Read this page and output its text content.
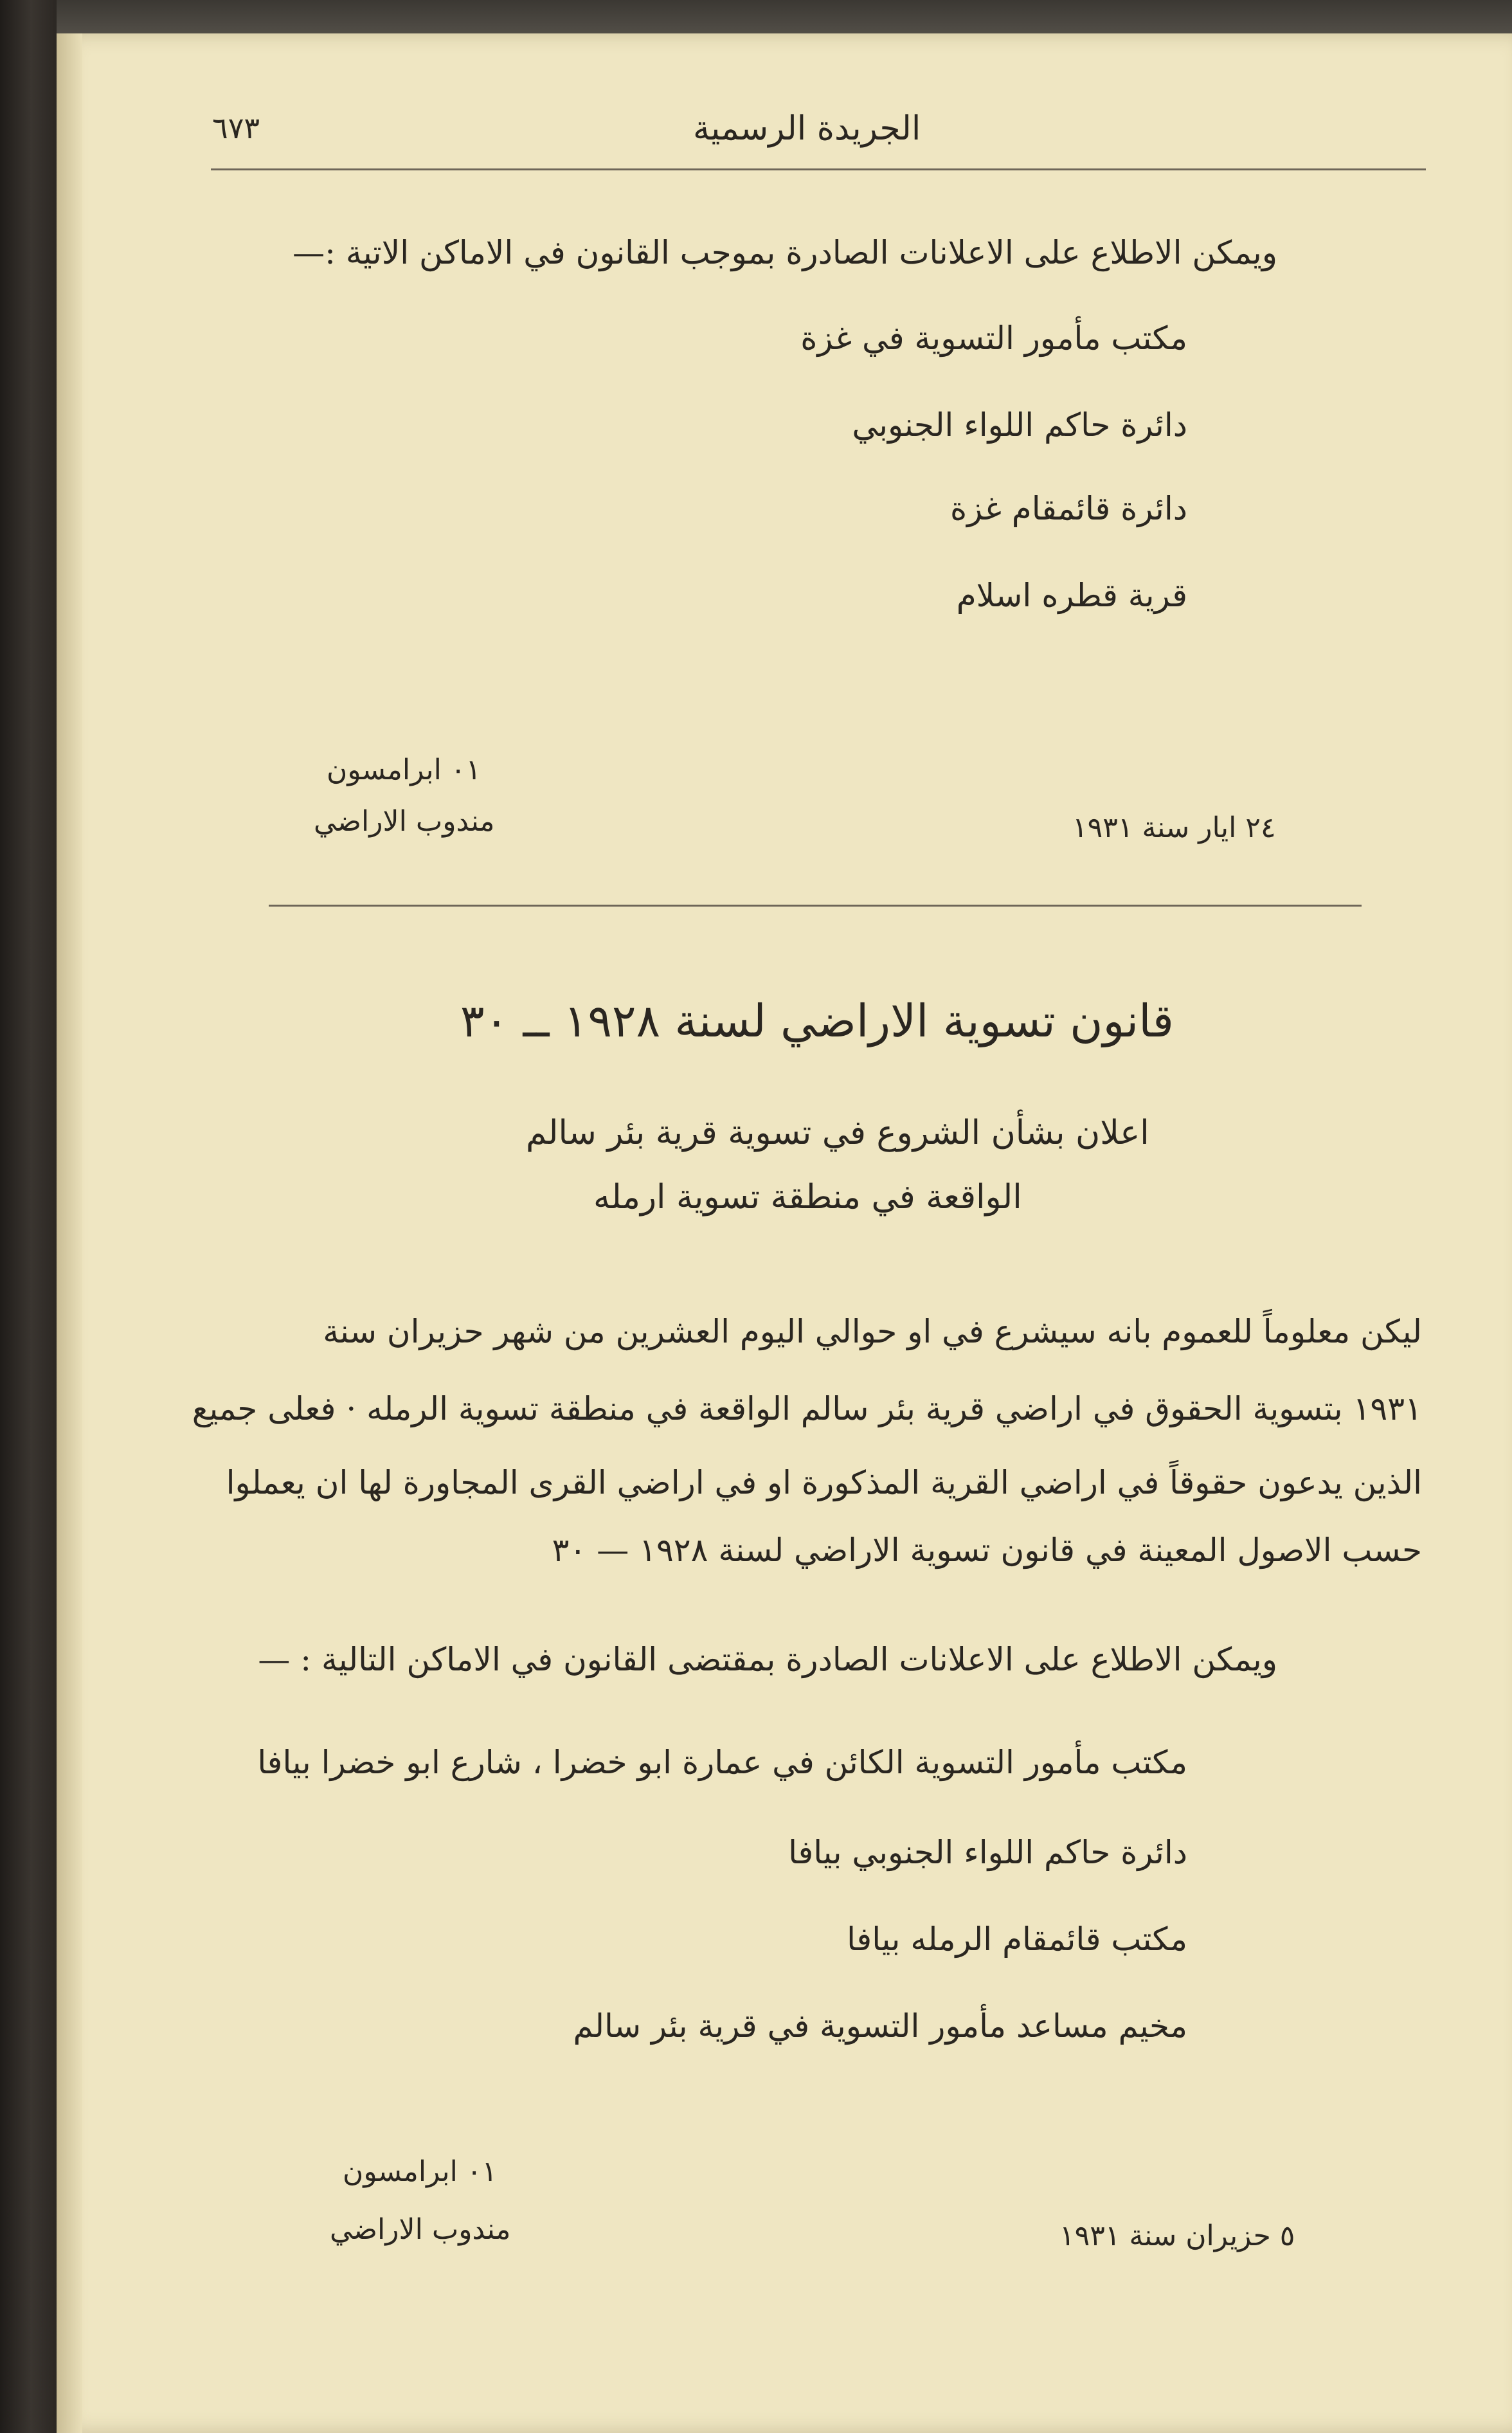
٦٧٣	الجريدة الرسمية
ويمكن الاطلاع على الاعلانات الصادرة بموجب القانون في الاماكن الاتية :—
مكتب مأمور التسوية في غزة
دائرة حاكم اللواء الجنوبي
دائرة قائمقام غزة
قرية قطره اسلام
٠١ ابرامسون
مندوب الاراضي	٢٤ ايار سنة ١٩٣١
قانون تسوية الاراضي لسنة ١٩٢٨ ــ ٣٠
اعلان بشأن الشروع في تسوية قرية بئر سالم
الواقعة في منطقة تسوية ارمله
ليكن معلوماً للعموم بانه سيشرع في او حوالي اليوم العشرين من شهر حزيران سنة
١٩٣١ بتسوية الحقوق في اراضي قرية بئر سالم الواقعة في منطقة تسوية الرمله · فعلى جميع
الذين يدعون حقوقاً في اراضي القرية المذكورة او في اراضي القرى المجاورة لها ان يعملوا
حسب الاصول المعينة في قانون تسوية الاراضي لسنة ١٩٢٨ — ٣٠
ويمكن الاطلاع على الاعلانات الصادرة بمقتضى القانون في الاماكن التالية : —
مكتب مأمور التسوية الكائن في عمارة ابو خضرا ، شارع ابو خضرا بيافا
دائرة حاكم اللواء الجنوبي بيافا
مكتب قائمقام الرمله بيافا
مخيم مساعد مأمور التسوية في قرية بئر سالم
٠١ ابرامسون
مندوب الاراضي	٥ حزيران سنة ١٩٣١
